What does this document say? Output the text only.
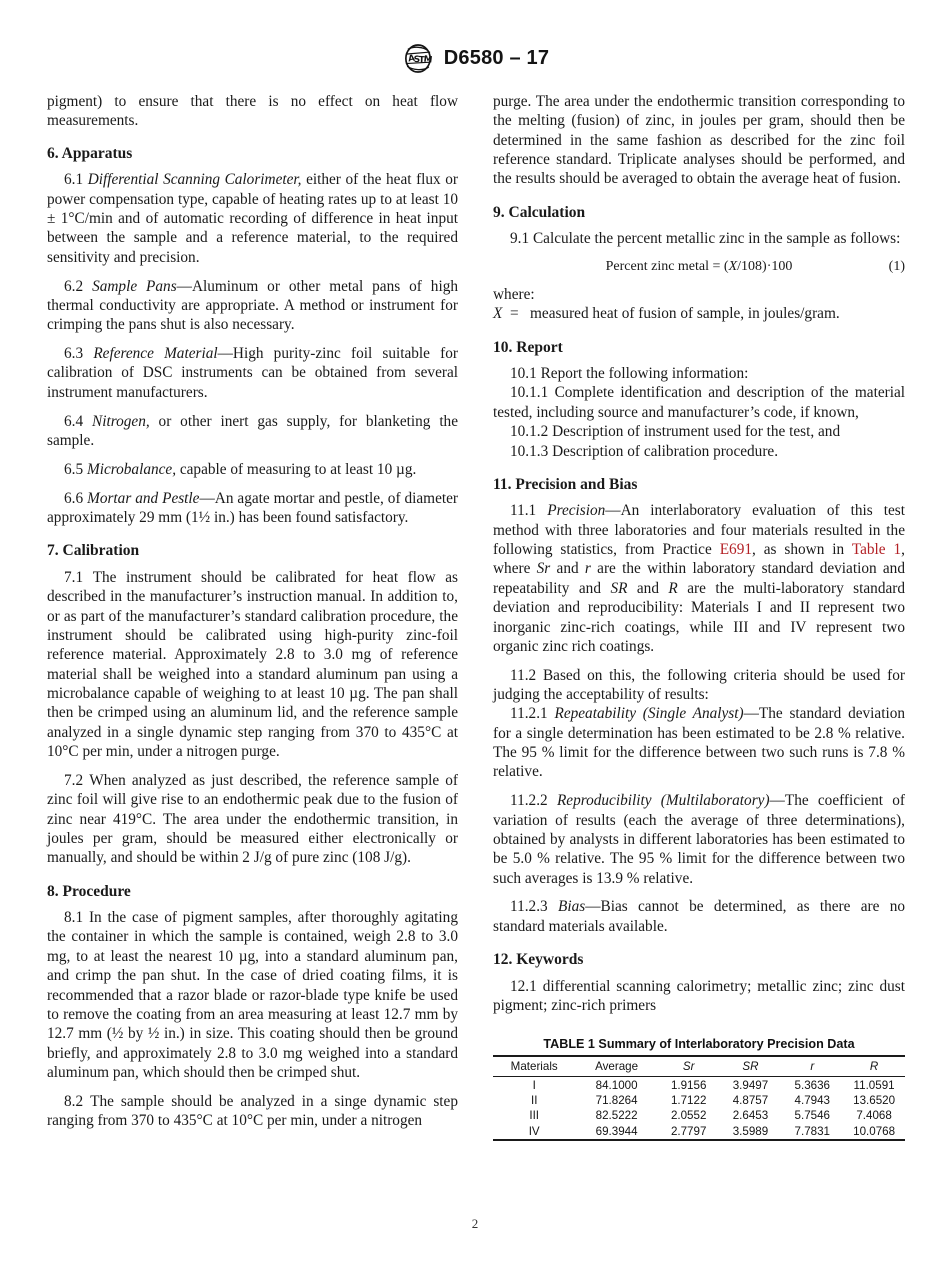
A
S
T
M D6580 – 17

pigment) to ensure that there is no effect on heat flow measurements.

6. Apparatus

6.1 Differential Scanning Calorimeter, either of the heat flux or power compensation type, capable of heating rates up to at least 10 ± 1°C/min and of automatic recording of difference in heat input between the sample and a reference material, to the required sensitivity and precision.

6.2 Sample Pans—Aluminum or other metal pans of high thermal conductivity are appropriate. A method or instrument for crimping the pans shut is also necessary.

6.3 Reference Material—High purity-zinc foil suitable for calibration of DSC instruments can be obtained from several instrument manufacturers.

6.4 Nitrogen, or other inert gas supply, for blanketing the sample.

6.5 Microbalance, capable of measuring to at least 10 µg.

6.6 Mortar and Pestle—An agate mortar and pestle, of diameter approximately 29 mm (1½ in.) has been found satisfactory.

7. Calibration

7.1 The instrument should be calibrated for heat flow as described in the manufacturer’s instruction manual. In addition to, or as part of the manufacturer’s standard calibration procedure, the instrument should be calibrated using high-purity zinc-foil reference material. Approximately 2.8 to 3.0 mg of reference material shall be weighed into a standard aluminum pan using a microbalance capable of weighing to at least 10 µg. The pan shall then be crimped using an aluminum lid, and the reference sample analyzed in a single dynamic step ranging from 370 to 435°C at 10°C per min, under a nitrogen purge.

7.2 When analyzed as just described, the reference sample of zinc foil will give rise to an endothermic peak due to the fusion of zinc near 419°C. The area under the endothermic transition, in joules per gram, should be measured either electronically or manually, and should be within 2 J/g of pure zinc (108 J/g).

8. Procedure

8.1 In the case of pigment samples, after thoroughly agitating the container in which the sample is contained, weigh 2.8 to 3.0 mg, to at least the nearest 10 µg, into a standard aluminum pan, and crimp the pan shut. In the case of dried coating films, it is recommended that a razor blade or razor-blade type knife be used to remove the coating from an area measuring at least 12.7 mm by 12.7 mm (½ by ½ in.) in size. This coating should then be ground briefly, and approximately 2.8 to 3.0 mg weighed into a standard aluminum pan, which should then be crimped shut.

8.2 The sample should be analyzed in a singe dynamic step ranging from 370 to 435°C at 10°C per min, under a nitrogen

purge. The area under the endothermic transition corresponding to the melting (fusion) of zinc, in joules per gram, should then be determined in the same fashion as described for the zinc foil reference standard. Triplicate analyses should be performed, and the results should be averaged to obtain the average heat of fusion.

9. Calculation

9.1 Calculate the percent metallic zinc in the sample as follows:

Percent zinc metal = (X/108)·100	(1)
where:
X = measured heat of fusion of sample, in joules/gram.
10. Report

10.1 Report the following information:

10.1.1 Complete identification and description of the material tested, including source and manufacturer’s code, if known,

10.1.2 Description of instrument used for the test, and

10.1.3 Description of calibration procedure.

11. Precision and Bias

11.1 Precision—An interlaboratory evaluation of this test method with three laboratories and four materials resulted in the following statistics, from Practice E691, as shown in Table 1, where Sr and r are the within laboratory standard deviation and repeatability and SR and R are the multi-laboratory standard deviation and reproducibility: Materials I and II represent two inorganic zinc-rich coatings, while III and IV represent two organic zinc rich coatings.

11.2 Based on this, the following criteria should be used for judging the acceptability of results:

11.2.1 Repeatability (Single Analyst)—The standard deviation for a single determination has been estimated to be 2.8 % relative. The 95 % limit for the difference between two such runs is 7.8 % relative.

11.2.2 Reproducibility (Multilaboratory)—The coefficient of variation of results (each the average of three determinations), obtained by analysts in different laboratories has been estimated to be 5.0 % relative. The 95 % limit for the difference between two such averages is 13.9 % relative.

11.2.3 Bias—Bias cannot be determined, as there are no standard materials available.

12. Keywords

12.1 differential scanning calorimetry; metallic zinc; zinc dust pigment; zinc-rich primers

TABLE 1 Summary of Interlaboratory Precision Data
Materials	Average	Sr	SR	r	R
I	84.1000	1.9156	3.9497	5.3636	11.0591
II	71.8264	1.7122	4.8757	4.7943	13.6520
III	82.5222	2.0552	2.6453	5.7546	7.4068
IV	69.3944	2.7797	3.5989	7.7831	10.0768

2
